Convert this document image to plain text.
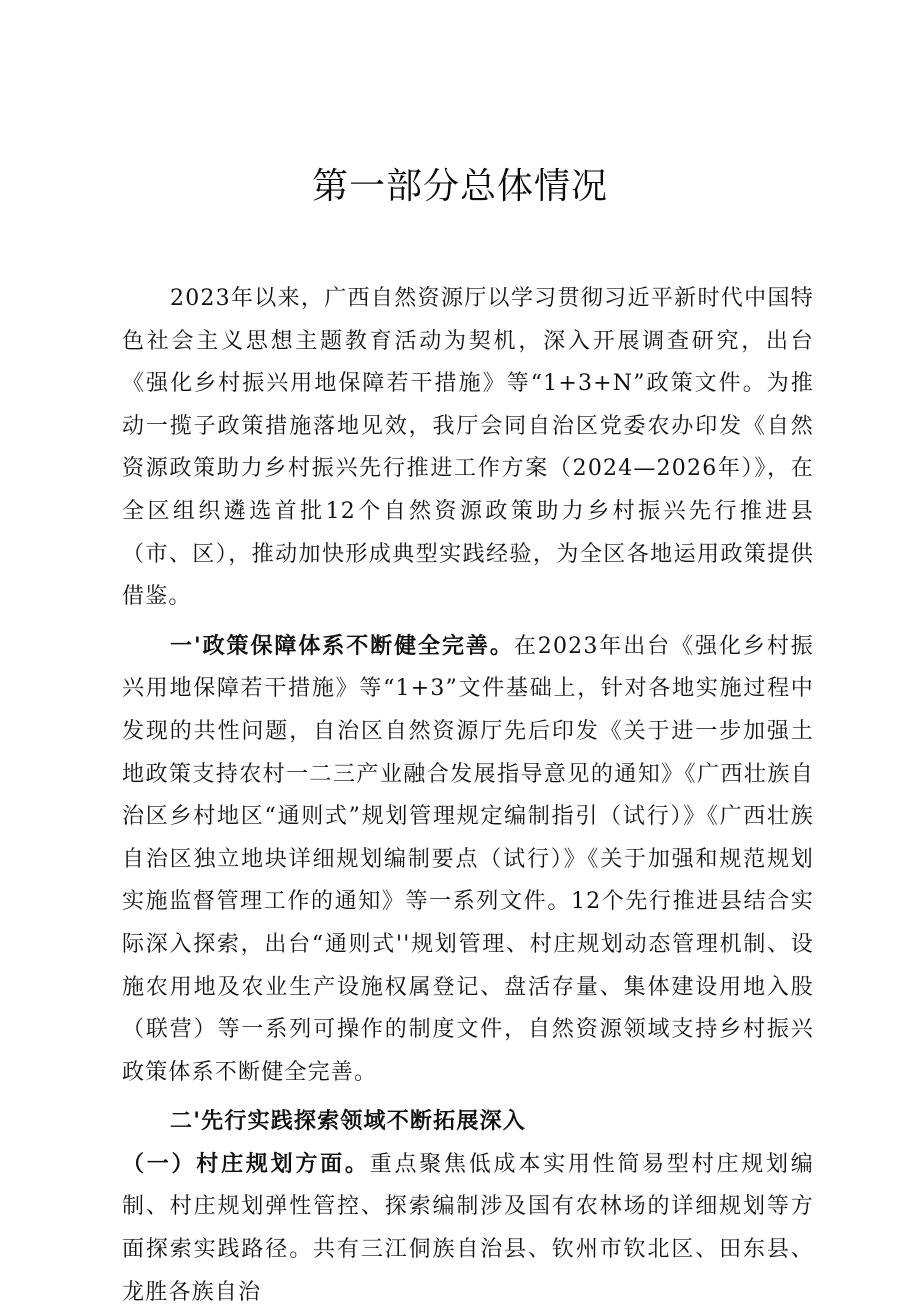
第一部分总体情况

2023年以来，广西自然资源厅以学习贯彻习近平新时代中国特色社会主义思想主题教育活动为契机，深入开展调查研究，出台《强化乡村振兴用地保障若干措施》等“1+3+N”政策文件。为推动一揽子政策措施落地见效，我厅会同自治区党委农办印发《自然资源政策助力乡村振兴先行推进工作方案（2024—2026年）》，在全区组织遴选首批12个自然资源政策助力乡村振兴先行推进县（市、区），推动加快形成典型实践经验，为全区各地运用政策提供借鉴。

一'政策保障体系不断健全完善。在2023年出台《强化乡村振兴用地保障若干措施》等“1+3”文件基础上，针对各地实施过程中发现的共性问题，自治区自然资源厅先后印发《关于进一步加强土地政策支持农村一二三产业融合发展指导意见的通知》《广西壮族自治区乡村地区“通则式”规划管理规定编制指引（试行）》《广西壮族自治区独立地块详细规划编制要点（试行）》《关于加强和规范规划实施监督管理工作的通知》等一系列文件。12个先行推进县结合实际深入探索，出台“通则式''规划管理、村庄规划动态管理机制、设施农用地及农业生产设施权属登记、盘活存量、集体建设用地入股（联营）等一系列可操作的制度文件，自然资源领域支持乡村振兴政策体系不断健全完善。

二'先行实践探索领域不断拓展深入

（一）村庄规划方面。重点聚焦低成本实用性简易型村庄规划编制、村庄规划弹性管控、探索编制涉及国有农林场的详细规划等方面探索实践路径。共有三江侗族自治县、钦州市钦北区、田东县、龙胜各族自治
